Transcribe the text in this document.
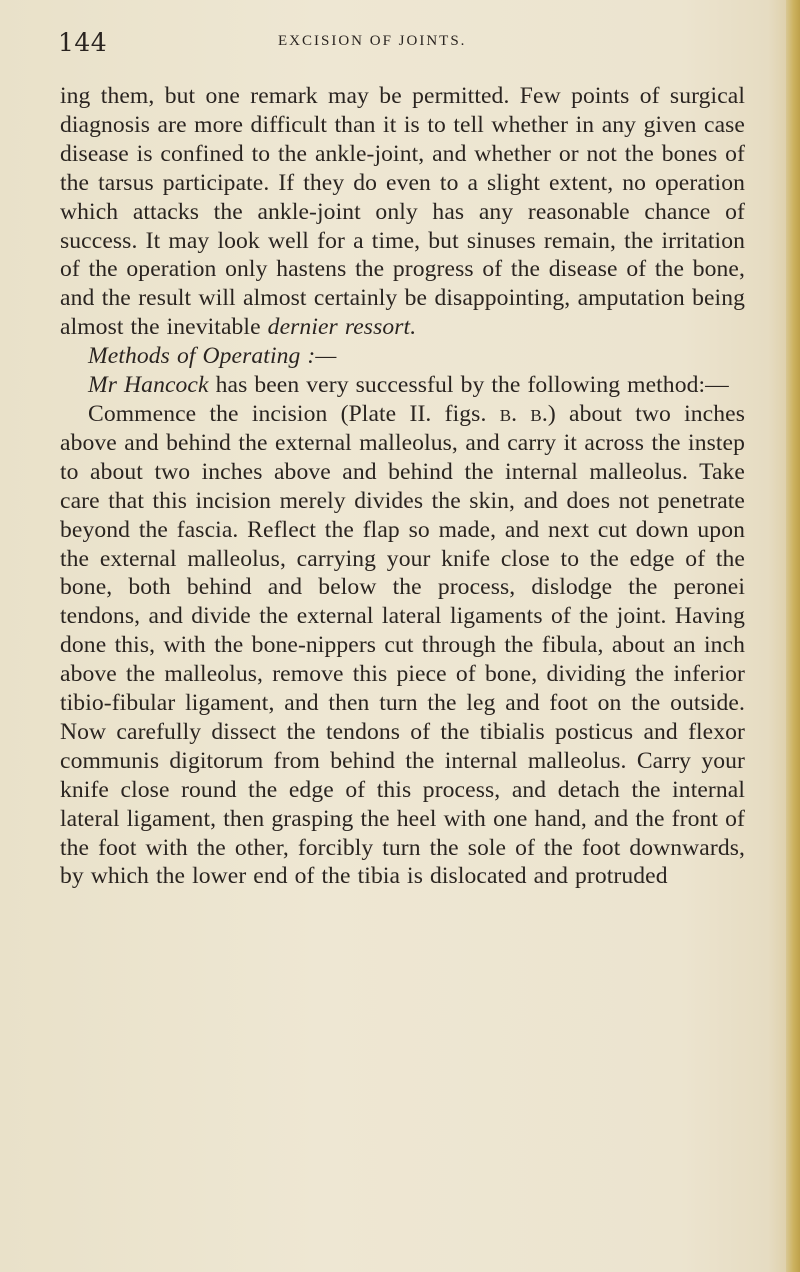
144	EXCISION OF JOINTS.

ing them, but one remark may be permitted. Few points of surgical diagnosis are more difficult than it is to tell whether in any given case disease is confined to the ankle-joint, and whether or not the bones of the tarsus participate. If they do even to a slight extent, no operation which attacks the ankle-joint only has any reasonable chance of success. It may look well for a time, but sinuses remain, the irritation of the operation only hastens the progress of the disease of the bone, and the result will almost certainly be disappointing, amputation being almost the inevitable dernier ressort.

Methods of Operating :—

Mr Hancock has been very successful by the following method:—

Commence the incision (Plate II. figs. b. b.) about two inches above and behind the external malleolus, and carry it across the instep to about two inches above and behind the internal malleolus. Take care that this incision merely divides the skin, and does not penetrate beyond the fascia. Reflect the flap so made, and next cut down upon the external malleolus, carrying your knife close to the edge of the bone, both behind and below the process, dislodge the peronei tendons, and divide the external lateral ligaments of the joint. Having done this, with the bone-nippers cut through the fibula, about an inch above the malleolus, remove this piece of bone, dividing the inferior tibio-fibular ligament, and then turn the leg and foot on the outside. Now carefully dissect the tendons of the tibialis posticus and flexor communis digitorum from behind the internal malleolus. Carry your knife close round the edge of this process, and detach the internal lateral ligament, then grasping the heel with one hand, and the front of the foot with the other, forcibly turn the sole of the foot downwards, by which the lower end of the tibia is dislocated and protruded
